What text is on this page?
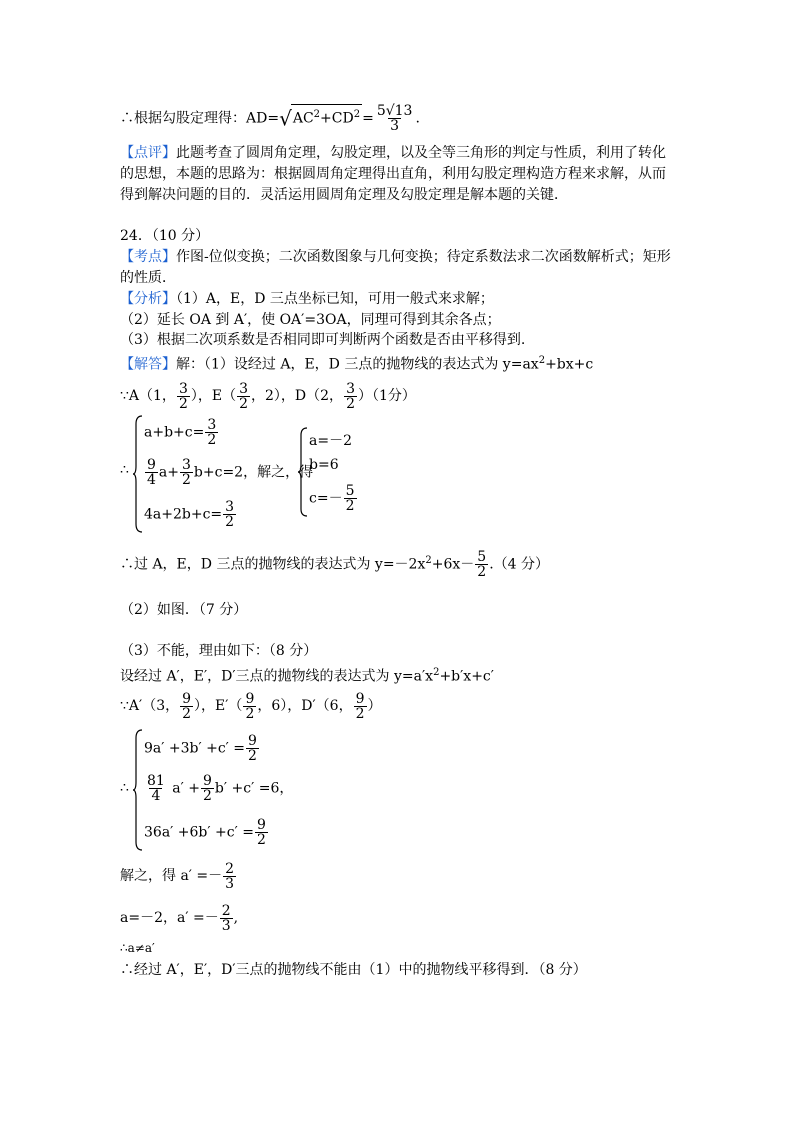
∴根据勾股定理得：$AD=√AC^2+CD^2 = \frac{5√13}{3}$ .
【点评】此题考查了圆周角定理，勾股定理，以及全等三角形的判定与性质，利用了转化
的思想，本题的思路为：根据圆周角定理得出直角，利用勾股定理构造方程来求解，从而
得到解决问题的目的．灵活运用圆周角定理及勾股定理是解本题的关键．
24．（10 分）
【考点】作图-位似变换；二次函数图象与几何变换；待定系数法求二次函数解析式；矩形
的性质．
【分析】（1）A，E，D 三点坐标已知，可用一般式来求解；
（2）延长 OA 到 A′，使 OA′=3OA，同理可得到其余各点；
（3）根据二次项系数是否相同即可判断两个函数是否由平移得到.
【解答】解：（1）设经过 A，E，D 三点的抛物线的表达式为 $y=ax^2+bx+c$
∵A（1， $\frac{3}{2}$ ），$E( \frac{3}{2}$ ，2），D（2， $\frac{3}{2} )(1$分）
∴
$a+b+c= \frac{3}{2}$
$\frac{9}{4} a+ \frac{3}{2} b+c=2$，解之，得
$4a+2b+c= \frac{3}{2}$
a=－2
b=6
$c=- \frac{5}{2}$
∴过 A，E，D 三点的抛物线的表达式为 $y=-2x^2+6x- \frac{5}{2} .(4$ 分）
（2）如图．（7 分）
（3）不能，理由如下：（8 分）
设经过 A′，E′，D′三点的抛物线的表达式为 $y=a'x^2+b'x+c'$
∵A′（3， $\frac{9}{2}$ ），$E'( \frac{9}{2}$ ，6），D′（6， $\frac{9}{2}$ ）
∴
$9a' +3b' +c' = \frac{9}{2}$
$\frac{81}{4} a' + \frac{9}{2} b' +c' =6$，
$36a' +6b' +c' = \frac{9}{2}$
解之，得 $a' =- \frac{2}{3}$
a=－2，$a' =- \frac{2}{3}$ ,
∴a≠a′
∴经过 A′，E′，D′三点的抛物线不能由（1）中的抛物线平移得到．（8 分）
